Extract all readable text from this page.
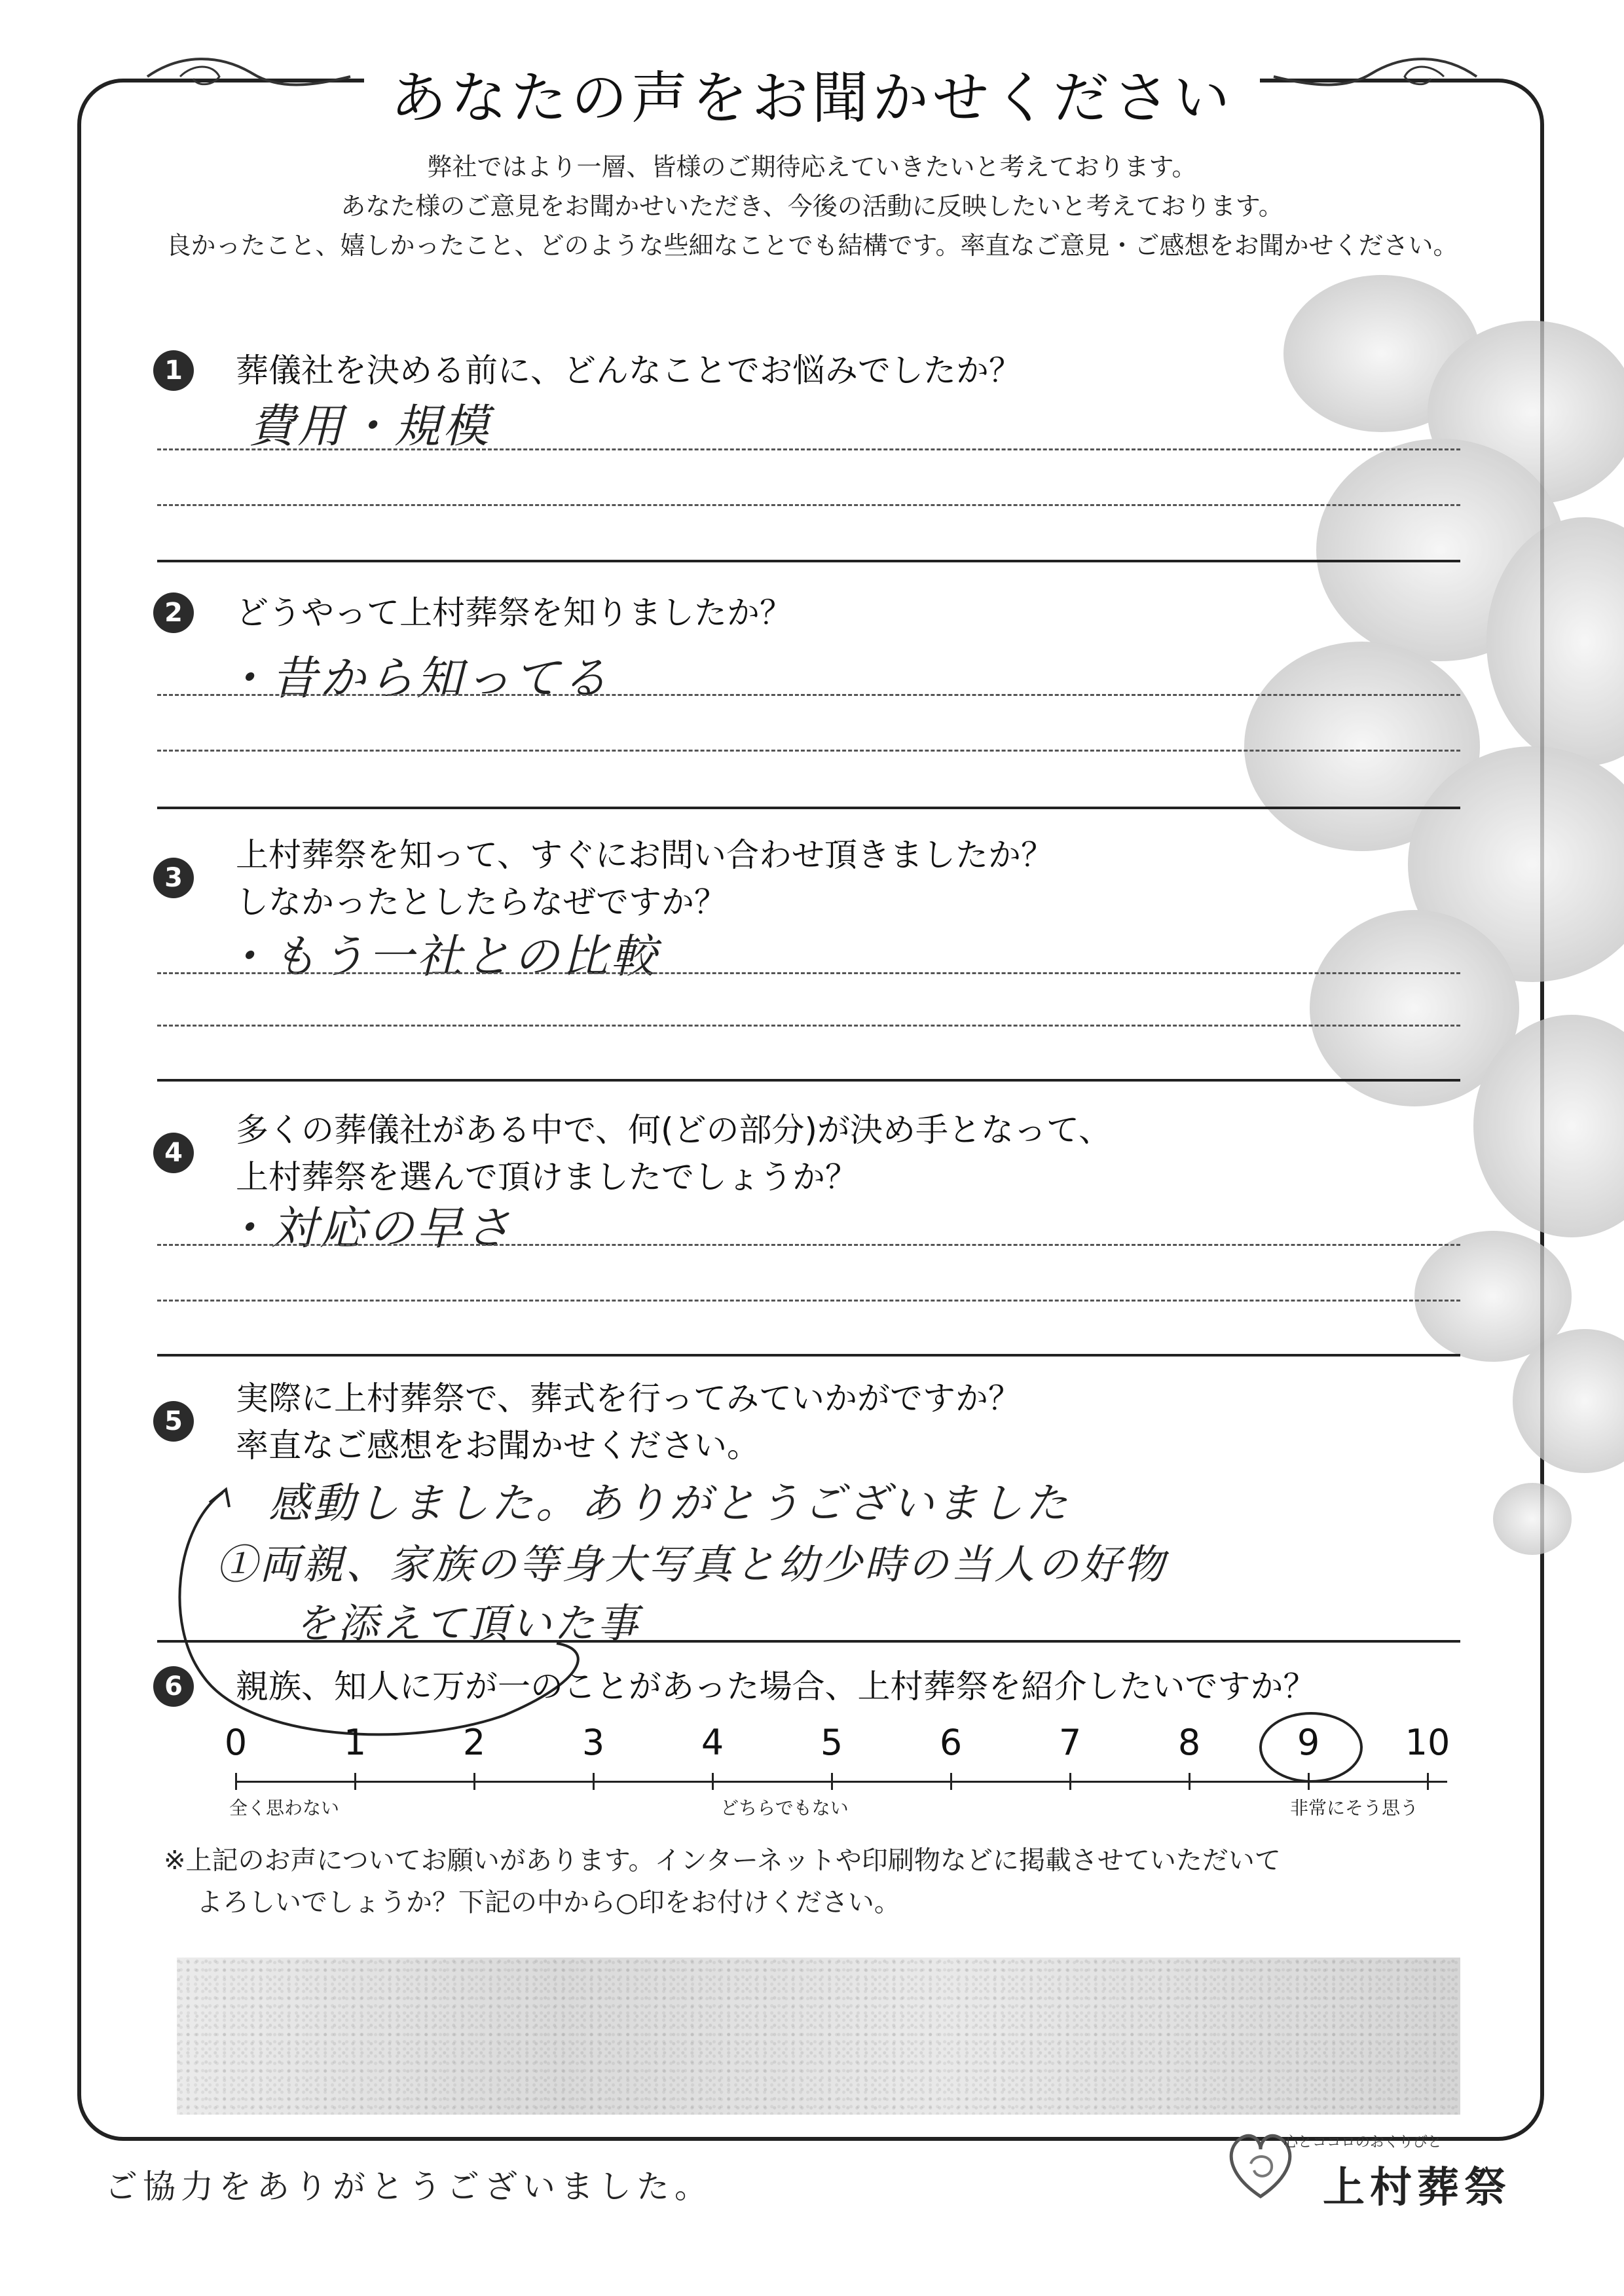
あなたの声をお聞かせください
弊社ではより一層、皆様のご期待応えていきたいと考えております。
あなた様のご意見をお聞かせいただき、今後の活動に反映したいと考えております。
良かったこと、嬉しかったこと、どのような些細なことでも結構です。率直なご意見・ご感想をお聞かせください。
1	葬儀社を決める前に、どんなことでお悩みでしたか？
費用・規模
2	どうやって上村葬祭を知りましたか？
・昔から知ってる
3
上村葬祭を知って、すぐにお問い合わせ頂きましたか？
しなかったとしたらなぜですか？
・もう一社との比較
4
多くの葬儀社がある中で、何(どの部分)が決め手となって、
上村葬祭を選んで頂けましたでしょうか？
・対応の早さ
5
実際に上村葬祭で、葬式を行ってみていかがですか？
率直なご感想をお聞かせください。
感動しました。ありがとうございました
①両親、家族の等身大写真と幼少時の当人の好物
を添えて頂いた事
6	親族、知人に万が一のことがあった場合、上村葬祭を紹介したいですか？
0	1	2	3	4	5	6	7	8	9	10
全く思わない	どちらでもない	非常にそう思う
※上記のお声についてお願いがあります。インターネットや印刷物などに掲載させていただいて
よろしいでしょうか？下記の中から○印をお付けください。
ご協力をありがとうございました。
心とココロのおくりびと
上村葬祭
